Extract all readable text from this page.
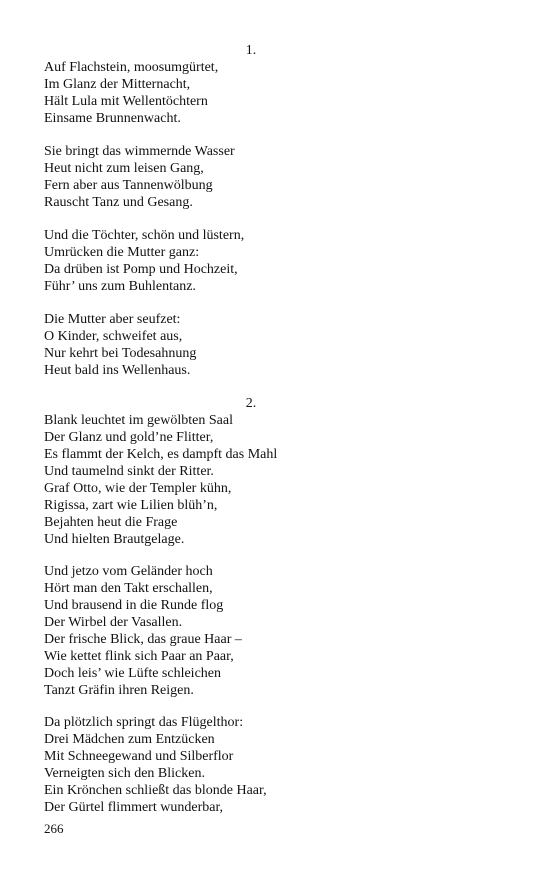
1.
Auf Flachstein, moosumgürtet,
Im Glanz der Mitternacht,
Hält Lula mit Wellentöchtern
Einsame Brunnenwacht.
Sie bringt das wimmernde Wasser
Heut nicht zum leisen Gang,
Fern aber aus Tannenwölbung
Rauscht Tanz und Gesang.
Und die Töchter, schön und lüstern,
Umrücken die Mutter ganz:
Da drüben ist Pomp und Hochzeit,
Führ’ uns zum Buhlentanz.
Die Mutter aber seufzet:
O Kinder, schweifet aus,
Nur kehrt bei Todesahnung
Heut bald ins Wellenhaus.
2.
Blank leuchtet im gewölbten Saal
Der Glanz und gold’ne Flitter,
Es flammt der Kelch, es dampft das Mahl
Und taumelnd sinkt der Ritter.
Graf Otto, wie der Templer kühn,
Rigissa, zart wie Lilien blüh’n,
Bejahten heut die Frage
Und hielten Brautgelage.
Und jetzo vom Geländer hoch
Hört man den Takt erschallen,
Und brausend in die Runde flog
Der Wirbel der Vasallen.
Der frische Blick, das graue Haar –
Wie kettet flink sich Paar an Paar,
Doch leis’ wie Lüfte schleichen
Tanzt Gräfin ihren Reigen.
Da plötzlich springt das Flügelthor:
Drei Mädchen zum Entzücken
Mit Schneegewand und Silberflor
Verneigten sich den Blicken.
Ein Krönchen schließt das blonde Haar,
Der Gürtel flimmert wunderbar,
266
